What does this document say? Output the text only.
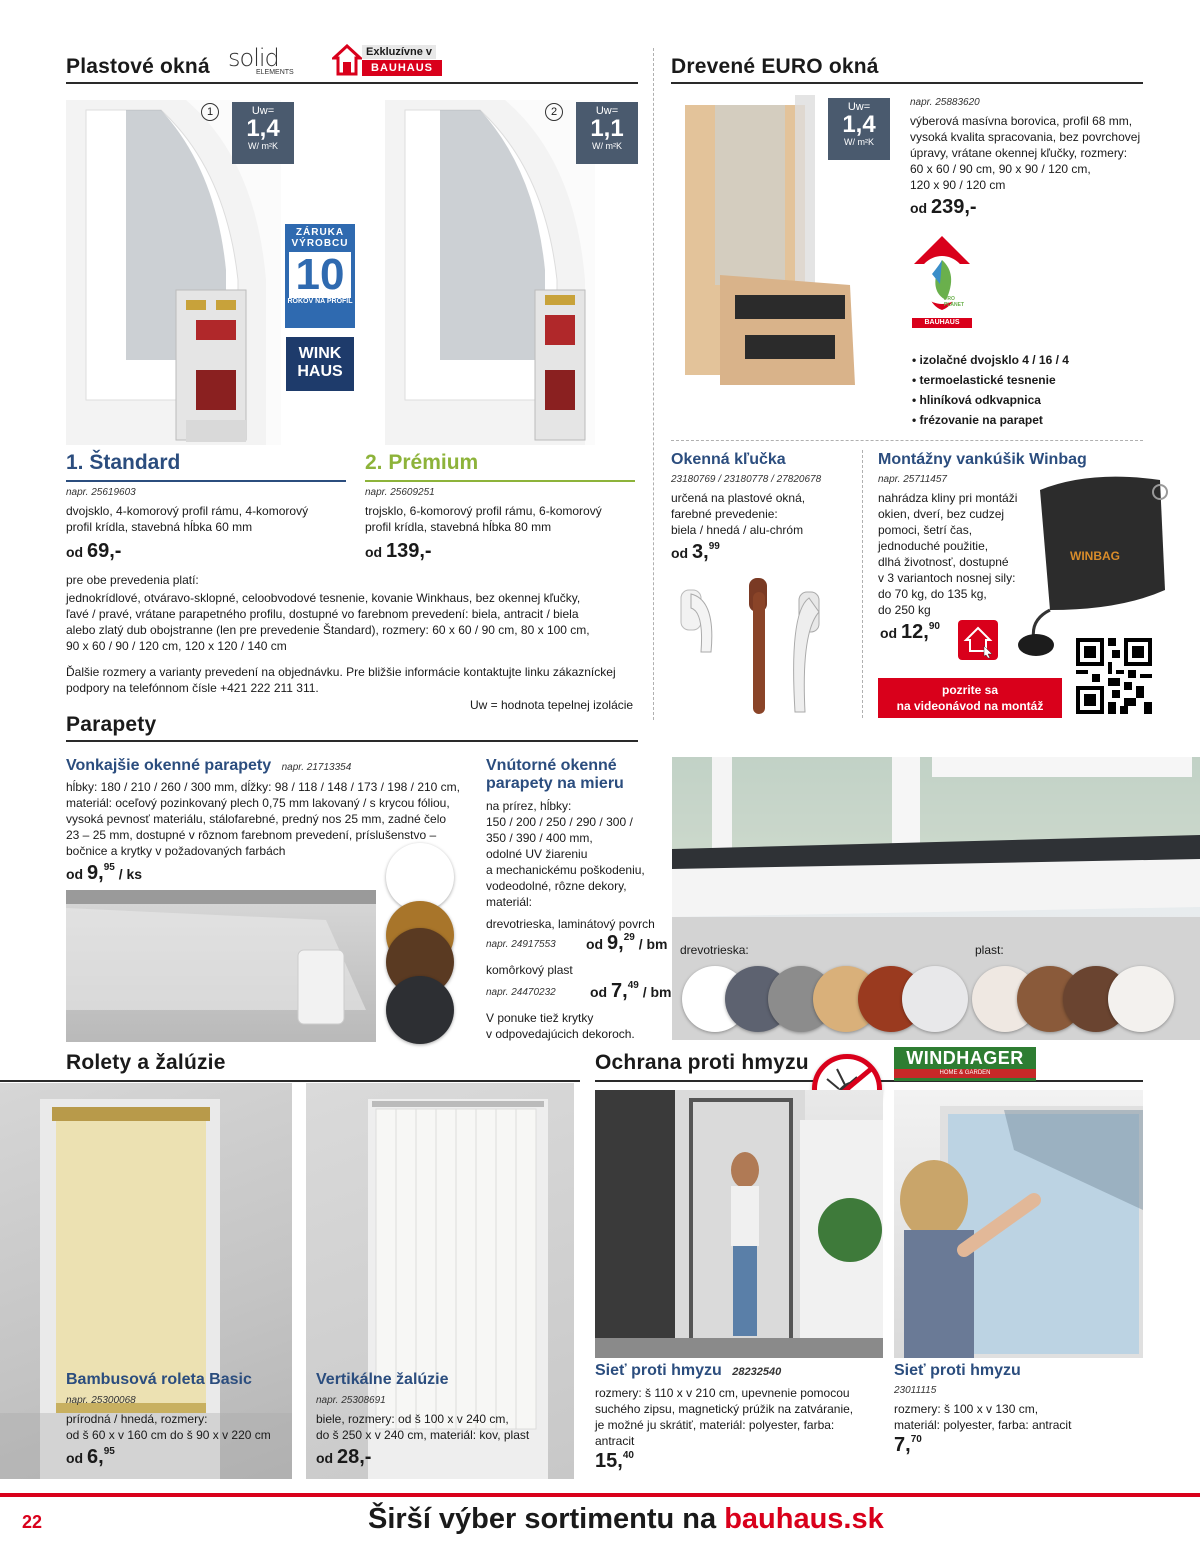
Plastové okná solid
ELEMENTS
Exkluzívne v
BAUHAUS
1	Uw=
1,4
W/ m²K
ZÁRUKA
VÝROBCU
10
ROKOV NA PROFIL
WINK
HAUS
2	Uw=
1,1
W/ m²K
1. Štandard
napr. 25619603
dvojsklo, 4-komorový profil rámu, 4-komorový
profil krídla, stavebná hĺbka 60 mm
od 69,-
2. Prémium
napr. 25609251
trojsklo, 6-komorový profil rámu, 6-komorový
profil krídla, stavebná hĺbka 80 mm
od 139,-
pre obe prevedenia platí:
jednokrídlové, otváravo-sklopné, celoobvodové tesnenie, kovanie Winkhaus, bez okennej kľučky,
ľavé / pravé, vrátane parapetného profilu, dostupné vo farebnom prevedení: biela, antracit / biela
alebo zlatý dub obojstranne (len pre prevedenie Štandard), rozmery: 60 x 60 / 90 cm, 80 x 100 cm,
90 x 60 / 90 / 120 cm, 120 x 120 / 140 cm
Ďalšie rozmery a varianty prevedení na objednávku. Pre bližšie informácie kontaktujte linku zákazníckej
podpory na telefónnom čísle +421 222 211 311.
Uw = hodnota tepelnej izolácie
Drevené EURO okná
Uw=
1,4
W/ m²K
napr. 25883620
výberová masívna borovica, profil 68 mm,
vysoká kvalita spracovania, bez povrchovej
úpravy, vrátane okennej kľučky, rozmery:
60 x 60 / 90 cm, 90 x 90 / 120 cm,
120 x 90 / 120 cm
od 239,-
PRO PLANET
BAUHAUS
• izolačné dvojsklo 4 / 16 / 4
• termoelastické tesnenie
• hliníková odkvapnica
• frézovanie na parapet
Okenná kľučka
23180769 / 23180778 / 27820678
určená na plastové okná,
farebné prevedenie:
biela / hnedá / alu-chróm
od 3,99
Montážny vankúšik Winbag
napr. 25711457
nahrádza kliny pri montáži
okien, dverí, bez cudzej
pomoci, šetrí čas,
jednoduché použitie,
dlhá životnosť, dostupné
v 3 variantoch nosnej sily:
do 70 kg, do 135 kg,
do 250 kg
od 12,90
WINBAG
pozrite sa
na videonávod na montáž
Parapety
Vonkajšie okenné parapety napr. 21713354
hĺbky: 180 / 210 / 260 / 300 mm, dĺžky: 98 / 118 / 148 / 173 / 198 / 210 cm,
materiál: oceľový pozinkovaný plech 0,75 mm lakovaný / s krycou fóliou,
vysoká pevnosť materiálu, stálofarebné, predný nos 25 mm, zadné čelo
23 – 25 mm, dostupné v rôznom farebnom prevedení, príslušenstvo –
bočnice a krytky v požadovaných farbách
od 9,95 / ks
Vnútorné okenné
parapety na mieru
na prírez, hĺbky:
150 / 200 / 250 / 290 / 300 /
350 / 390 / 400 mm,
odolné UV žiareniu
a mechanickému poškodeniu,
vodeodolné, rôzne dekory,
materiál:
drevotrieska, laminátový povrch
napr. 24917553 od 9,29 / bm
komôrkový plast
napr. 24470232 od 7,49 / bm
V ponuke tiež krytky
v odpovedajúcich dekoroch.
drevotrieska:	plast:
Rolety a žalúzie
Bambusová roleta Basic
napr. 25300068
prírodná / hnedá, rozmery:
od š 60 x v 160 cm do š 90 x v 220 cm
od 6,95
Vertikálne žalúzie
napr. 25308691
biele, rozmery: od š 100 x v 240 cm,
do š 250 x v 240 cm, materiál: kov, plast
od 28,-
Ochrana proti hmyzu	WINDHAGER
HOME & GARDEN
Sieť proti hmyzu 28232540
rozmery: š 110 x v 210 cm, upevnenie pomocou
suchého zipsu, magnetický prúžik na zatváranie,
je možné ju skrátiť, materiál: polyester, farba:
antracit
15,40
Sieť proti hmyzu
23011115
rozmery: š 100 x v 130 cm,
materiál: polyester, farba: antracit
7,70
22	Širší výber sortimentu na bauhaus.sk
